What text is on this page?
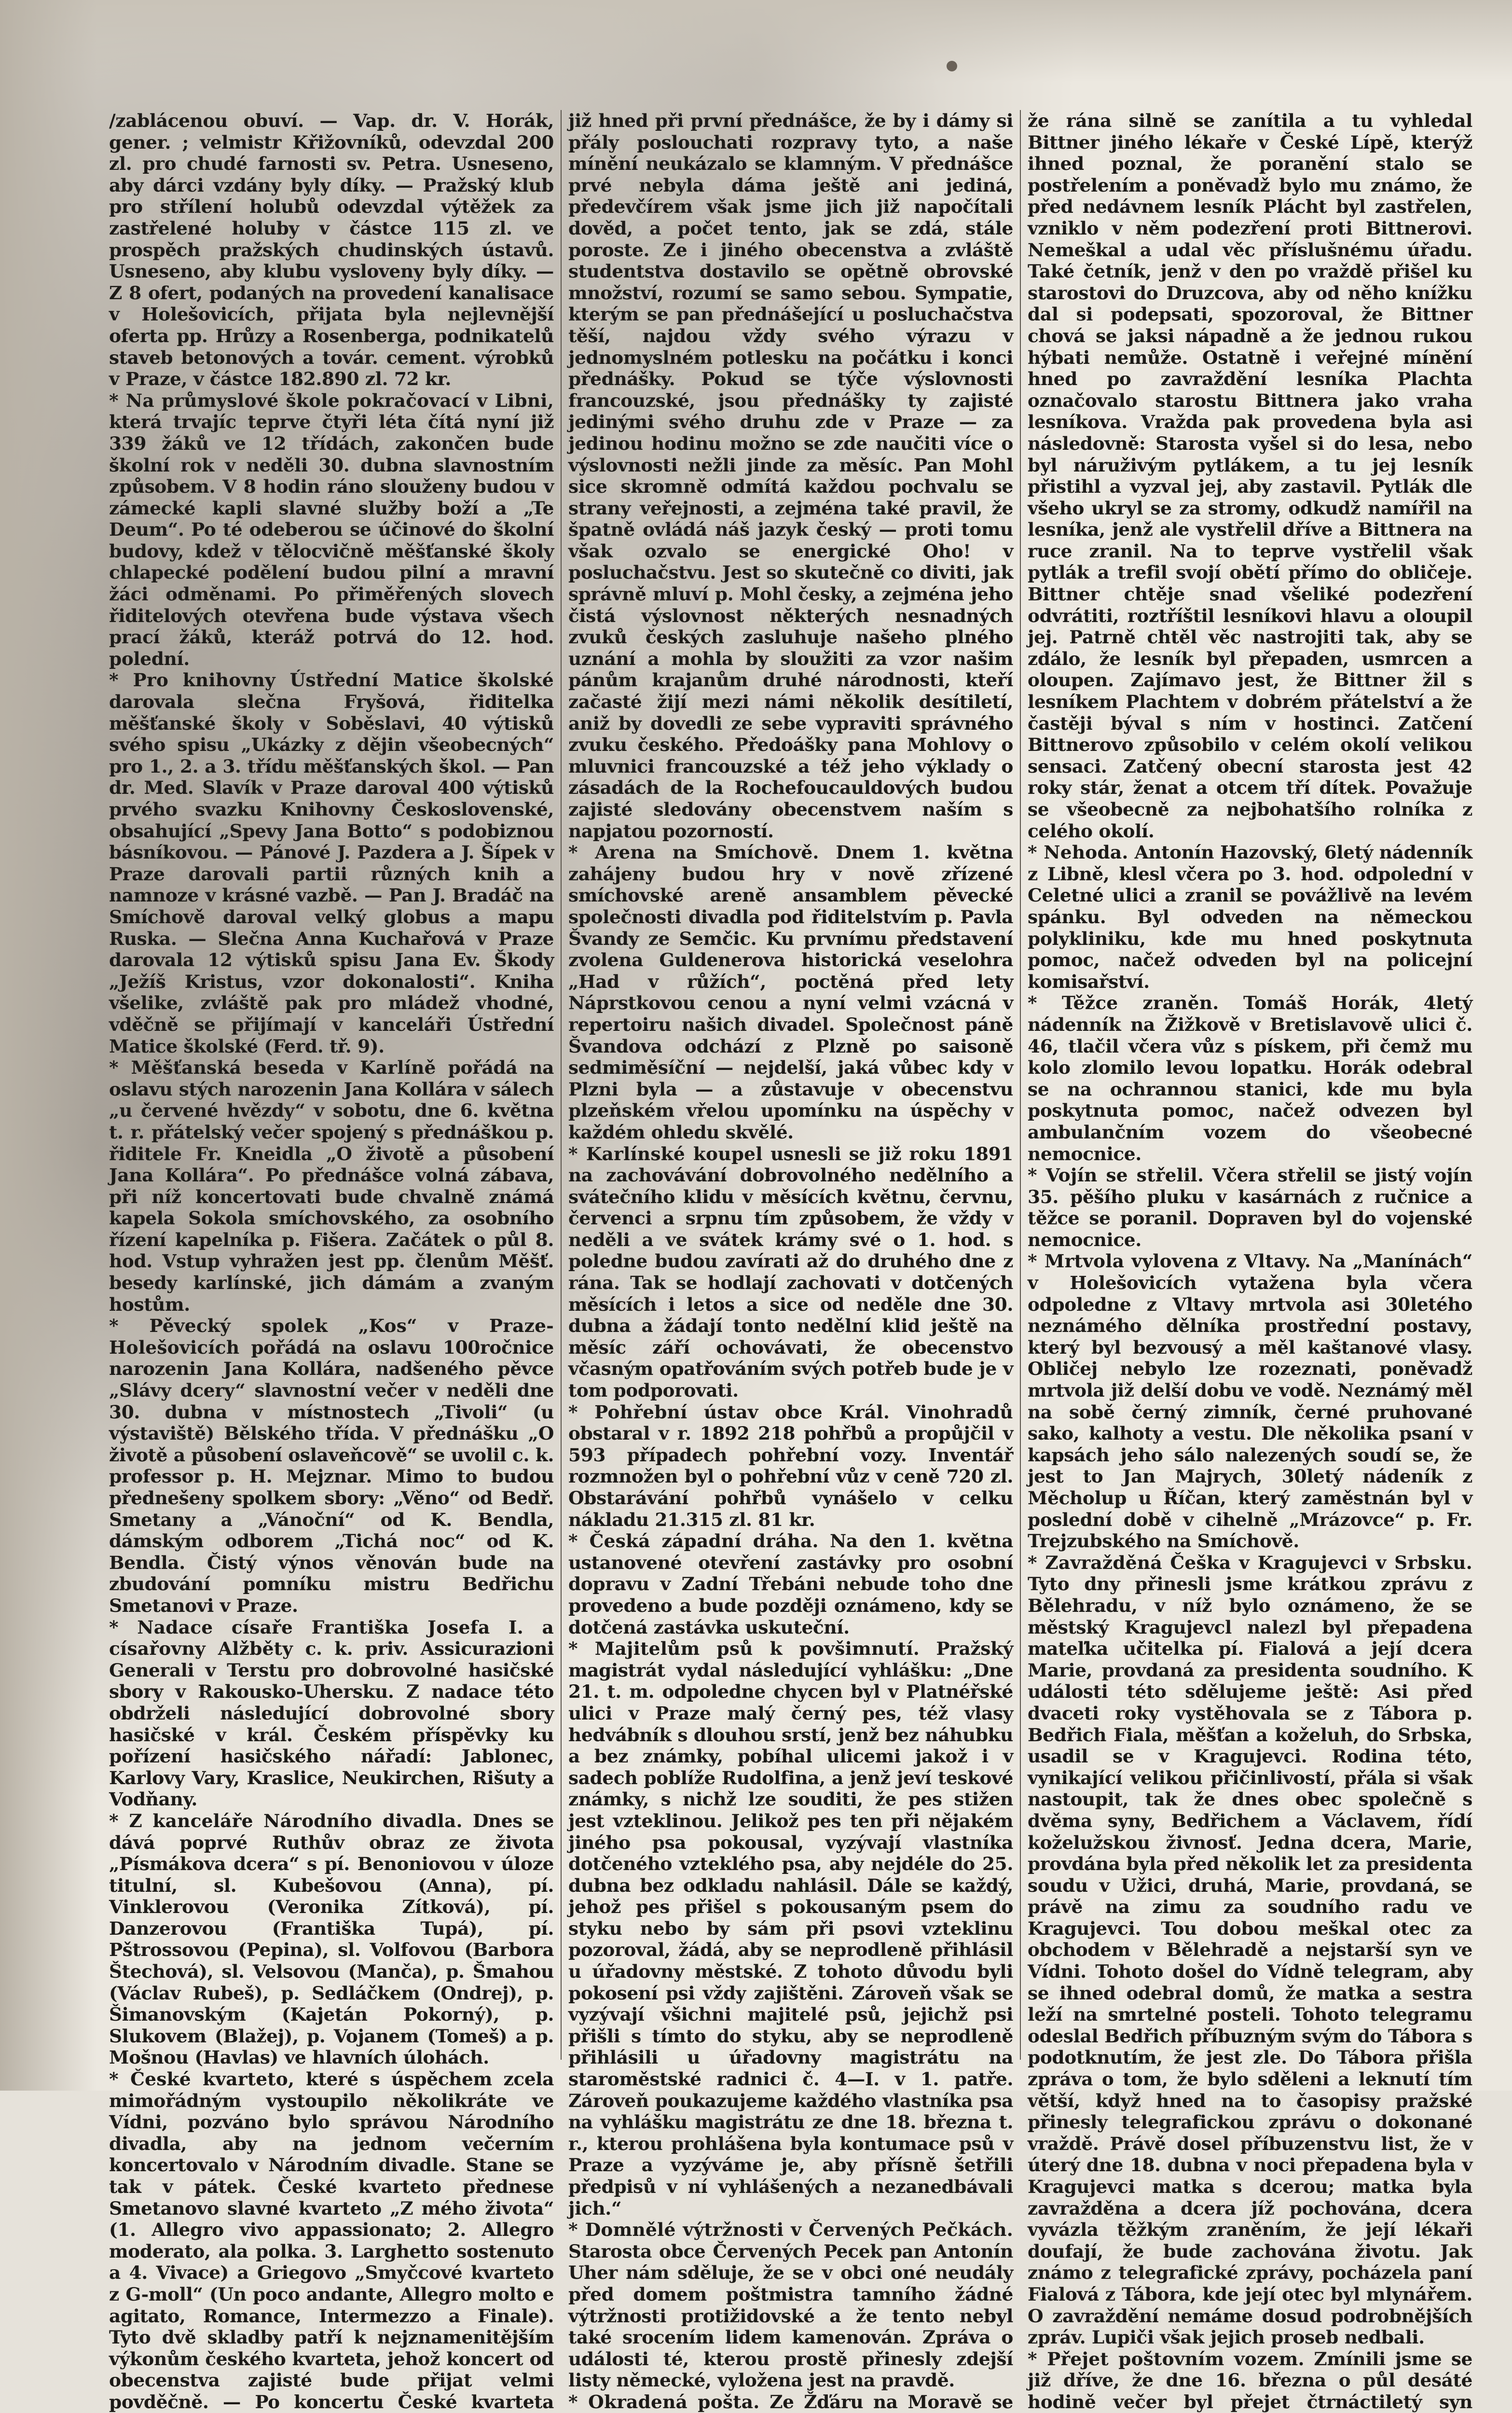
/zablácenou obuví. — Vap. dr. V. Horák, gener. ; velmistr Křižovníků, odevzdal 200 zl. pro chudé farnosti sv. Petra. Usneseno, aby dárci vzdány byly díky. — Pražský klub pro střílení holubů odevzdal výtěžek za zastřelené holuby v částce 115 zl. ve prospěch pražských chudinských ústavů. Usneseno, aby klubu vysloveny byly díky. — Z 8 ofert, podaných na provedení kanalisace v Holešovicích, přijata byla nejlevnější oferta pp. Hrůzy a Rosenberga, podnikatelů staveb betonových a továr. cement. výrobků v Praze, v částce 182.890 zl. 72 kr.

* Na průmyslové škole pokračovací v Libni, která trvajíc teprve čtyři léta čítá nyní již 339 žáků ve 12 třídách, zakončen bude školní rok v neděli 30. dubna slavnostním způsobem. V 8 hodin ráno slouženy budou v zámecké kapli slavné služby boží a „Te Deum“. Po té odeberou se účinové do školní budovy, kdež v tělocvičně měšťanské školy chlapecké podělení budou pilní a mravní žáci odměnami. Po přiměřených slovech řiditelových otevřena bude výstava všech prací žáků, kteráž potrvá do 12. hod. polední.

* Pro knihovny Ústřední Matice školské darovala slečna Fryšová, řiditelka měšťanské školy v Soběslavi, 40 výtisků svého spisu „Ukázky z dějin všeobecných“ pro 1., 2. a 3. třídu měšťanských škol. — Pan dr. Med. Slavík v Praze daroval 400 výtisků prvého svazku Knihovny Československé, obsahující „Spevy Jana Botto“ s podobiznou básníkovou. — Pánové J. Pazdera a J. Šípek v Praze darovali partii různých knih a namnoze v krásné vazbě. — Pan J. Bradáč na Smíchově daroval velký globus a mapu Ruska. — Slečna Anna Kuchařová v Praze darovala 12 výtisků spisu Jana Ev. Škody „Ježíš Kristus, vzor dokonalosti“. Kniha všelike, zvláště pak pro mládež vhodné, vděčně se přijímají v kanceláři Ústřední Matice školské (Ferd. tř. 9).

* Měšťanská beseda v Karlíně pořádá na oslavu stých narozenin Jana Kollára v sálech „u červené hvězdy“ v sobotu, dne 6. května t. r. přátelský večer spojený s přednáškou p. řiditele Fr. Kneidla „O životě a působení Jana Kollára“. Po přednášce volná zábava, při níž koncertovati bude chvalně známá kapela Sokola smíchovského, za osobního řízení kapelníka p. Fišera. Začátek o půl 8. hod. Vstup vyhražen jest pp. členům Měšť. besedy karlínské, jich dámám a zvaným hostům.

* Pěvecký spolek „Kos“ v Praze-Holešovicích pořádá na oslavu 100ročnice narozenin Jana Kollára, nadšeného pěvce „Slávy dcery“ slavnostní večer v neděli dne 30. dubna v místnostech „Tivoli“ (u výstaviště) Bělského třída. V přednášku „O životě a působení oslaveňcově“ se uvolil c. k. professor p. H. Mejznar. Mimo to budou přednešeny spolkem sbory: „Věno“ od Bedř. Smetany a „Vánoční“ od K. Bendla, dámským odborem „Tichá noc“ od K. Bendla. Čistý výnos věnován bude na zbudování pomníku mistru Bedřichu Smetanovi v Praze.

* Nadace císaře Františka Josefa I. a císařovny Alžběty c. k. priv. Assicurazioni Generali v Terstu pro dobrovolné hasičské sbory v Rakousko-Uhersku. Z nadace této obdrželi následující dobrovolné sbory hasičské v král. Českém příspěvky ku pořízení hasičského nářadí: Jablonec, Karlovy Vary, Kraslice, Neukirchen, Rišuty a Vodňany.

* Z kanceláře Národního divadla. Dnes se dává poprvé Ruthův obraz ze života „Písmákova dcera“ s pí. Benoniovou v úloze titulní, sl. Kubešovou (Anna), pí. Vinklerovou (Veronika Zítková), pí. Danzerovou (Františka Tupá), pí. Pštrossovou (Pepina), sl. Volfovou (Barbora Štechová), sl. Velsovou (Manča), p. Šmahou (Václav Rubeš), p. Sedláčkem (Ondrej), p. Šimanovským (Kajetán Pokorný), p. Slukovem (Blažej), p. Vojanem (Tomeš) a p. Mošnou (Havlas) ve hlavních úlohách.

* České kvarteto, které s úspěchem zcela mimořádným vystoupilo několikráte ve Vídni, pozváno bylo správou Národního divadla, aby na jednom večerním koncertovalo v Národním divadle. Stane se tak v pátek. České kvarteto přednese Smetanovo slavné kvarteto „Z mého života“ (1. Allegro vivo appassionato; 2. Allegro moderato, ala polka. 3. Larghetto sostenuto a 4. Vivace) a Griegovo „Smyčcové kvarteto z G-moll“ (Un poco andante, Allegro molto e agitato, Romance, Intermezzo a Finale). Tyto dvě skladby patří k nejznamenitějším výkonům českého kvarteta, jehož koncert od obecenstva zajisté bude přijat velmi povděčně. — Po koncertu České kvarteta

již hned při první přednášce, že by i dámy si přály poslouchati rozpravy tyto, a naše mínění neukázalo se klamným. V přednášce prvé nebyla dáma ještě ani jediná, předevčírem však jsme jich již napočítali dověd, a počet tento, jak se zdá, stále poroste. Ze i jiného obecenstva a zvláště studentstva dostavilo se opětně obrovské množství, rozumí se samo sebou. Sympatie, kterým se pan přednášející u posluchačstva těší, najdou vždy svého výrazu v jednomyslném potlesku na počátku i konci přednášky. Pokud se týče výslovnosti francouzské, jsou přednášky ty zajisté jedinými svého druhu zde v Praze — za jedinou hodinu možno se zde naučiti více o výslovnosti nežli jinde za měsíc. Pan Mohl sice skromně odmítá každou pochvalu se strany veřejnosti, a zejména také pravil, že špatně ovládá náš jazyk český — proti tomu však ozvalo se energické Oho! v posluchačstvu. Jest so skutečně co diviti, jak správně mluví p. Mohl česky, a zejména jeho čistá výslovnost některých nesnadných zvuků českých zasluhuje našeho plného uznání a mohla by sloužiti za vzor našim pánům krajanům druhé národnosti, kteří začasté žijí mezi námi několik desítiletí, aniž by dovedli ze sebe vypraviti správného zvuku českého. Předoášky pana Mohlovy o mluvnici francouzské a též jeho výklady o zásadách de la Rochefoucauldových budou zajisté sledovány obecenstvem naším s napjatou pozorností.

* Arena na Smíchově. Dnem 1. května zahájeny budou hry v nově zřízené smíchovské areně ansamblem pěvecké společnosti divadla pod řiditelstvím p. Pavla Švandy ze Semčic. Ku prvnímu představení zvolena Guldenerova historická veselohra „Had v růžích“, poctěná před lety Náprstkovou cenou a nyní velmi vzácná v repertoiru našich divadel. Společnost páně Švandova odchází z Plzně po saisoně sedmiměsíční — nejdelší, jaká vůbec kdy v Plzni byla — a zůstavuje v obecenstvu plzeňském vřelou upomínku na úspěchy v každém ohledu skvělé.

* Karlínské koupel usnesli se již roku 1891 na zachovávání dobrovolného nedělního a svátečního klidu v měsících květnu, červnu, červenci a srpnu tím způsobem, že vždy v neděli a ve svátek krámy své o 1. hod. s poledne budou zavírati až do druhého dne z rána. Tak se hodlají zachovati v dotčených měsících i letos a sice od neděle dne 30. dubna a žádají tonto nedělní klid ještě na měsíc září ochovávati, že obecenstvo včasným opatřováním svých potřeb bude je v tom podporovati.

* Pohřební ústav obce Král. Vinohradů obstaral v r. 1892 218 pohřbů a propůjčil v 593 případech pohřební vozy. Inventář rozmnožen byl o pohřební vůz v ceně 720 zl. Obstarávání pohřbů vynášelo v celku nákladu 21.315 zl. 81 kr.

* Česká západní dráha. Na den 1. května ustanovené otevření zastávky pro osobní dopravu v Zadní Třebáni nebude toho dne provedeno a bude později oznámeno, kdy se dotčená zastávka uskuteční.

* Majitelům psů k povšimnutí. Pražský magistrát vydal následující vyhlášku: „Dne 21. t. m. odpoledne chycen byl v Platnéřské ulici v Praze malý černý pes, též vlasy hedvábník s dlouhou srstí, jenž bez náhubku a bez známky, pobíhal ulicemi jakož i v sadech poblíže Rudolfina, a jenž jeví teskové známky, s nichž lze souditi, že pes stižen jest vzteklinou. Jelikož pes ten při nějakém jiného psa pokousal, vyzývají vlastníka dotčeného vzteklého psa, aby nejdéle do 25. dubna bez odkladu nahlásil. Dále se každý, jehož pes přišel s pokousaným psem do styku nebo by sám při psovi vzteklinu pozoroval, žádá, aby se neprodleně přihlásil u úřadovny městské. Z tohoto důvodu byli pokosení psi vždy zajištěni. Zároveň však se vyzývají všichni majitelé psů, jejichž psi přišli s tímto do styku, aby se neprodleně přihlásili u úřadovny magistrátu na staroměstské radnici č. 4—I. v 1. patře. Zároveň poukazujeme každého vlastníka psa na vyhlášku magistrátu ze dne 18. března t. r., kterou prohlášena byla kontumace psů v Praze a vyzýváme je, aby přísně šetřili předpisů v ní vyhlášených a nezanedbávali jich.“

* Domnělé výtržnosti v Červených Pečkách. Starosta obce Červených Pecek pan Antonín Uher nám sděluje, že se v obci oné neudály před domem poštmistra tamního žádné výtržnosti protižidovské a že tento nebyl také srocením lidem kamenován. Zpráva o události té, kterou prostě přinesly zdejší listy německé, vyložena jest na pravdě.

* Okradená pošta. Ze Žďáru na Moravě se

že rána silně se zanítila a tu vyhledal Bittner jiného lékaře v České Lípě, kterýž ihned poznal, že poranění stalo se postřelením a poněvadž bylo mu známo, že před nedávnem lesník Plácht byl zastřelen, vzniklo v něm podezření proti Bittnerovi. Nemeškal a udal věc příslušnému úřadu. Také četník, jenž v den po vraždě přišel ku starostovi do Druzcova, aby od něho knížku dal si podepsati, spozoroval, že Bittner chová se jaksi nápadně a že jednou rukou hýbati nemůže. Ostatně i veřejné mínění hned po zavraždění lesníka Plachta označovalo starostu Bittnera jako vraha lesníkova. Vražda pak provedena byla asi následovně: Starosta vyšel si do lesa, nebo byl náruživým pytlákem, a tu jej lesník přistihl a vyzval jej, aby zastavil. Pytlák dle všeho ukryl se za stromy, odkudž namířil na lesníka, jenž ale vystřelil dříve a Bittnera na ruce zranil. Na to teprve vystřelil však pytlák a trefil svojí obětí přímo do obličeje. Bittner chtěje snad všeliké podezření odvrátiti, roztříštil lesníkovi hlavu a oloupil jej. Patrně chtěl věc nastrojiti tak, aby se zdálo, že lesník byl přepaden, usmrcen a oloupen. Zajímavo jest, že Bittner žil s lesníkem Plachtem v dobrém přátelství a že častěji býval s ním v hostinci. Zatčení Bittnerovo způsobilo v celém okolí velikou sensaci. Zatčený obecní starosta jest 42 roky stár, ženat a otcem tří dítek. Považuje se všeobecně za nejbohatšího rolníka z celého okolí.

* Nehoda. Antonín Hazovský, 6letý nádenník z Libně, klesl včera po 3. hod. odpolední v Celetné ulici a zranil se povážlivě na levém spánku. Byl odveden na německou polykliniku, kde mu hned poskytnuta pomoc, načež odveden byl na policejní komisařství.

* Těžce zraněn. Tomáš Horák, 4letý nádenník na Žižkově v Bretislavově ulici č. 46, tlačil včera vůz s pískem, při čemž mu kolo zlomilo levou lopatku. Horák odebral se na ochrannou stanici, kde mu byla poskytnuta pomoc, načež odvezen byl ambulančním vozem do všeobecné nemocnice.

* Vojín se střelil. Včera střelil se jistý vojín 35. pěšího pluku v kasárnách z ručnice a těžce se poranil. Dopraven byl do vojenské nemocnice.

* Mrtvola vylovena z Vltavy. Na „Manínách“ v Holešovicích vytažena byla včera odpoledne z Vltavy mrtvola asi 30letého neznámého dělníka prostřední postavy, který byl bezvousý a měl kaštanové vlasy. Obličej nebylo lze rozeznati, poněvadž mrtvola již delší dobu ve vodě. Neznámý měl na sobě černý zimník, černé pruhované sako, kalhoty a vestu. Dle několika psaní v kapsách jeho sálo nalezených soudí se, že jest to Jan Majrych, 30letý nádeník z Měcholup u Říčan, který zaměstnán byl v poslední době v cihelně „Mrázovce“ p. Fr. Trejzubského na Smíchově.

* Zavražděná Češka v Kragujevci v Srbsku. Tyto dny přinesli jsme krátkou zprávu z Bělehradu, v níž bylo oznámeno, že se městský Kragujevcl nalezl byl přepadena mateľka učitelka pí. Fialová a její dcera Marie, provdaná za presidenta soudního. K události této sdělujeme ještě: Asi před dvaceti roky vystěhovala se z Tábora p. Bedřich Fiala, měšťan a koželuh, do Srbska, usadil se v Kragujevci. Rodina této, vynikající velikou přičinlivostí, přála si však nastoupit, tak že dnes obec společně s dvěma syny, Bedřichem a Václavem, řídí koželužskou živnosť. Jedna dcera, Marie, provdána byla před několik let za presidenta soudu v Užici, druhá, Marie, provdaná, se právě na zimu za soudního radu ve Kragujevci. Tou dobou meškal otec za obchodem v Bělehradě a nejstarší syn ve Vídni. Tohoto došel do Vídně telegram, aby se ihned odebral domů, že matka a sestra leží na smrtelné posteli. Tohoto telegramu odeslal Bedřich příbuzným svým do Tábora s podotknutím, že jest zle. Do Tábora přišla zpráva o tom, že bylo sděleni a leknutí tím větší, když hned na to časopisy pražské přinesly telegrafickou zprávu o dokonané vraždě. Právě dosel příbuzenstvu list, že v úterý dne 18. dubna v noci přepadena byla v Kragujevci matka s dcerou; matka byla zavražděna a dcera jíž pochována, dcera vyvázla těžkým zraněním, že její lékaři doufají, že bude zachována životu. Jak známo z telegrafické zprávy, pocházela paní Fialová z Tábora, kde její otec byl mlynářem. O zavraždění nemáme dosud podrobnějších zpráv. Lupiči však jejich proseb nedbali.

* Přejet poštovním vozem. Zmínili jsme se již dříve, že dne 16. března o půl desáté hodině večer byl přejet čtrnáctiletý syn
